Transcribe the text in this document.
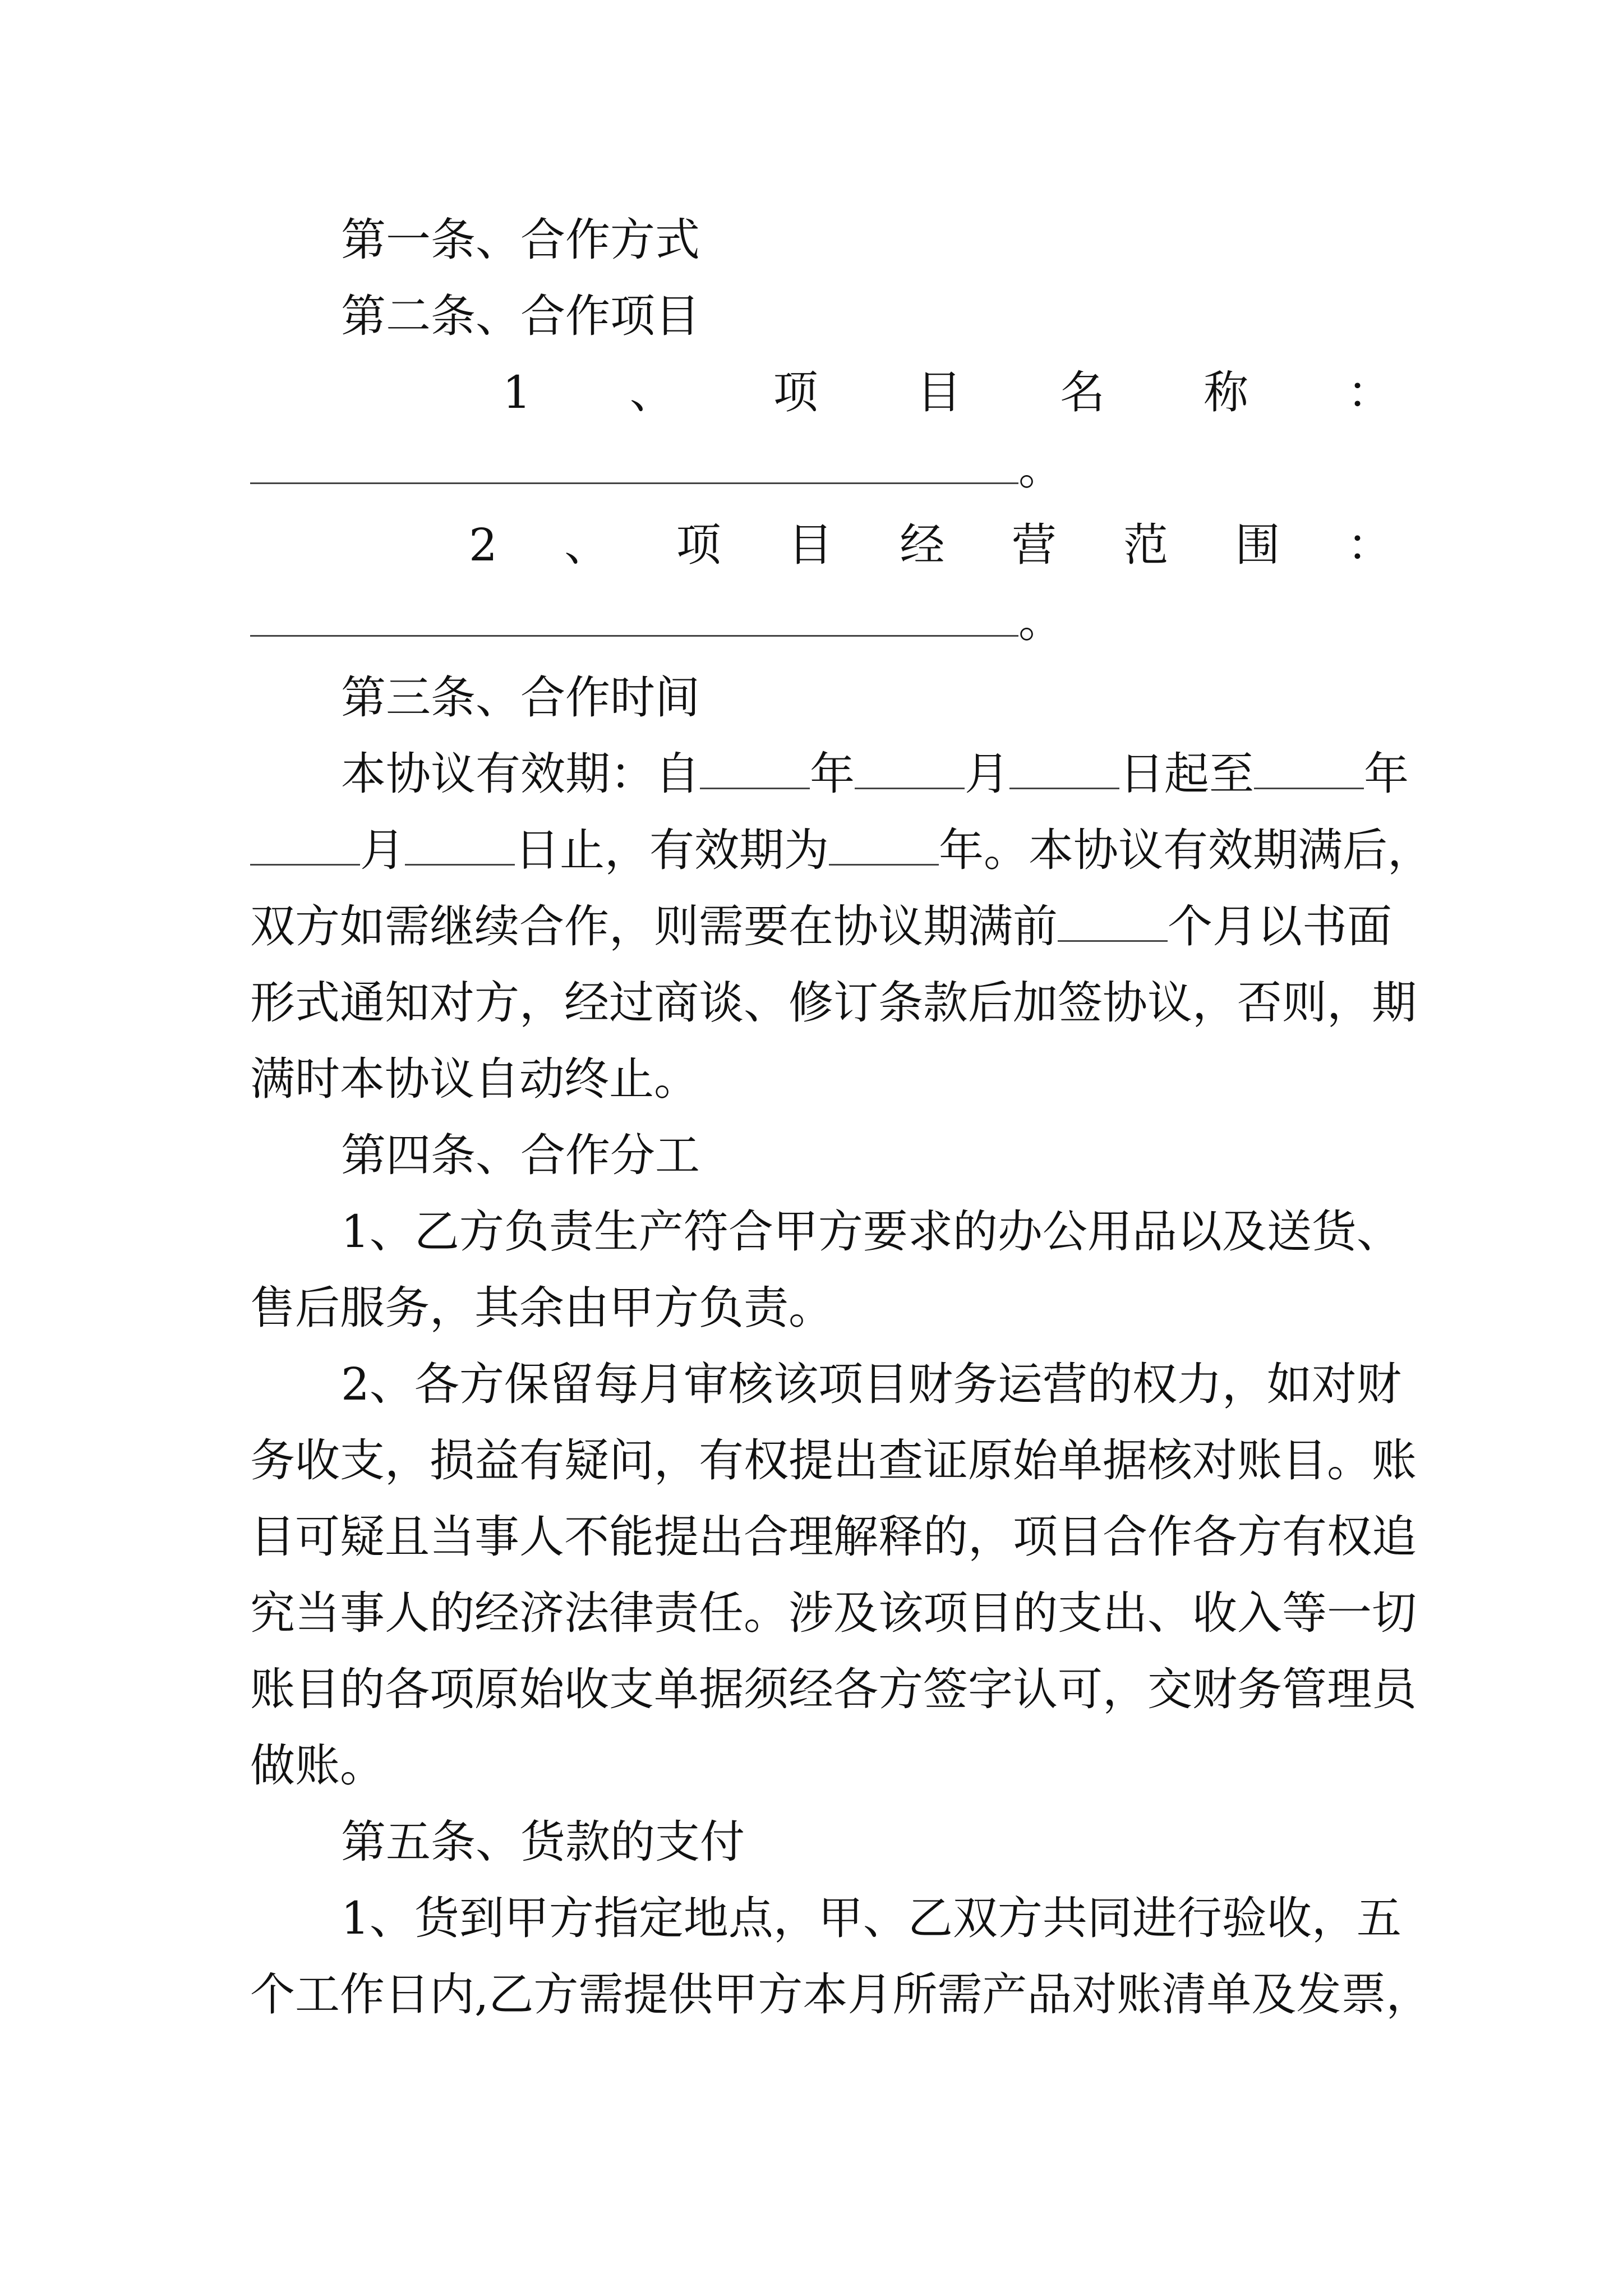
第一条、合作方式
第二条、合作项目
1 、 项 目 名 称 ：
。
2 、 项 目 经 营 范 围 ：
。
第三条、合作时间
本协议有效期：自 年 月 日起至 年
月 日止，有效期为 年。本协议有效期满后，
双方如需继续合作，则需要在协议期满前 个月以书面
形式通知对方，经过商谈、修订条款后加签协议，否则，期
满时本协议自动终止。
第四条、合作分工
1、乙方负责生产符合甲方要求的办公用品以及送货、
售后服务，其余由甲方负责。
2、各方保留每月审核该项目财务运营的权力，如对财
务收支，损益有疑问，有权提出查证原始单据核对账目。账
目可疑且当事人不能提出合理解释的，项目合作各方有权追
究当事人的经济法律责任。涉及该项目的支出、收入等一切
账目的各项原始收支单据须经各方签字认可，交财务管理员
做账。
第五条、货款的支付
1、货到甲方指定地点，甲、乙双方共同进行验收，五
个工作日内,乙方需提供甲方本月所需产品对账清单及发票，
